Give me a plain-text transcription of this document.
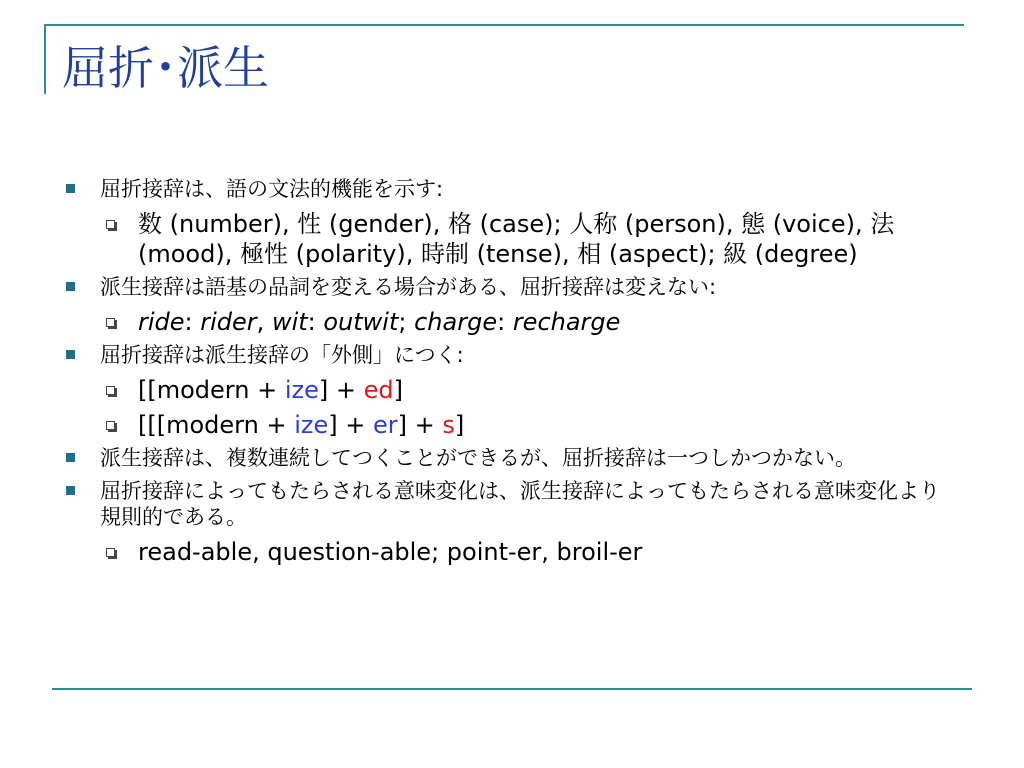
屈折･派生
屈折接辞は、語の文法的機能を示す:
数 (number), 性 (gender), 格 (case); 人称 (person), 態 (voice), 法 (mood), 極性 (polarity), 時制 (tense), 相 (aspect); 級 (degree)
派生接辞は語基の品詞を変える場合がある、屈折接辞は変えない:
ride: rider, wit: outwit; charge: recharge
屈折接辞は派生接辞の「外側」につく:
[[modern + ize] + ed]
[[[modern + ize] + er] + s]
派生接辞は、複数連続してつくことができるが、屈折接辞は一つしかつかない。
屈折接辞によってもたらされる意味変化は、派生接辞によってもたらされる意味変化より規則的である。
read-able, question-able; point-er, broil-er
